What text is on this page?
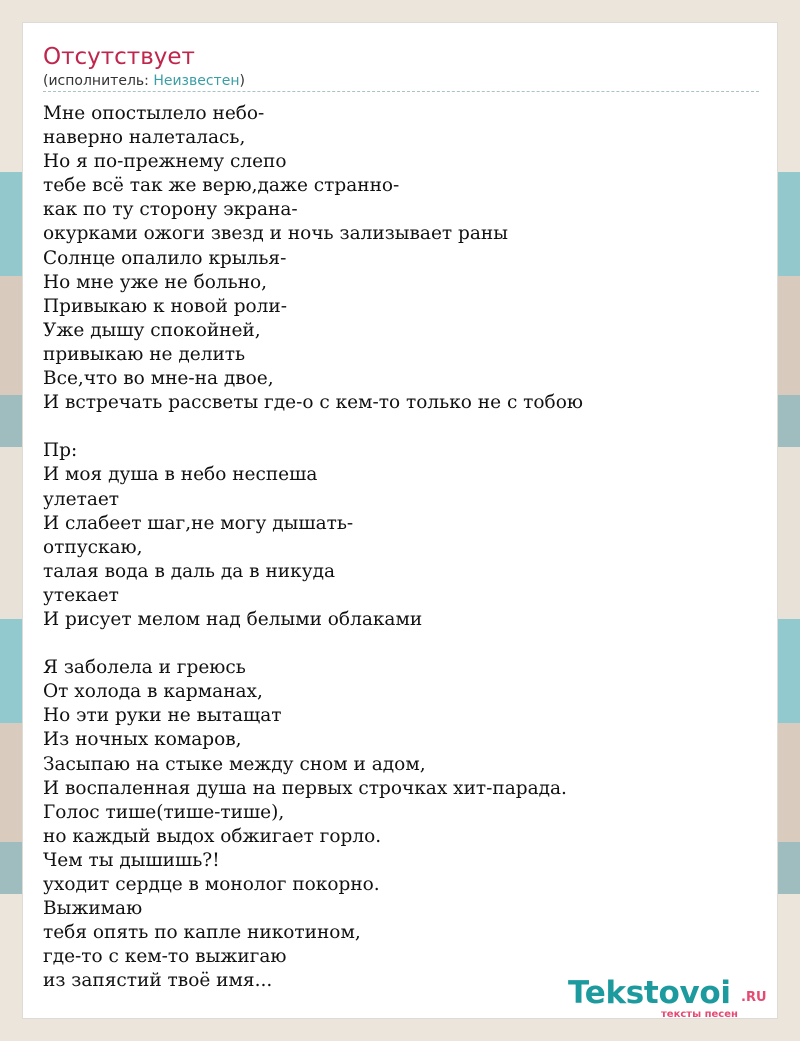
Отсутствует
(исполнитель: Неизвестен)
Мне опостылело небо-
наверно налеталась,
Но я по-прежнему слепо
тебе всё так же верю,даже странно-
как по ту сторону экрана-
окурками ожоги звезд и ночь зализывает раны
Солнце опалило крылья-
Но мне уже не больно,
Привыкаю к новой роли-
Уже дышу спокойней,
привыкаю не делить
Все,что во мне-на двое,
И встречать рассветы где-о с кем-то только не с тобою
Пр:
И моя душа в небо неспеша
улетает
И слабеет шаг,не могу дышать-
отпускаю,
талая вода в даль да в никуда
утекает
И рисует мелом над белыми облаками
Я заболела и греюсь
От холода в карманах,
Но эти руки не вытащат
Из ночных комаров,
Засыпаю на стыке между сном и адом,
И воспаленная душа на первых строчках хит-парада.
Голос тише(тише-тише),
но каждый выдох обжигает горло.
Чем ты дышишь?!
уходит сердце в монолог покорно.
Выжимаю
тебя опять по капле никотином,
где-то с кем-то выжигаю
из запястий твоё имя...	Tekstovoi .RU
тексты песен
